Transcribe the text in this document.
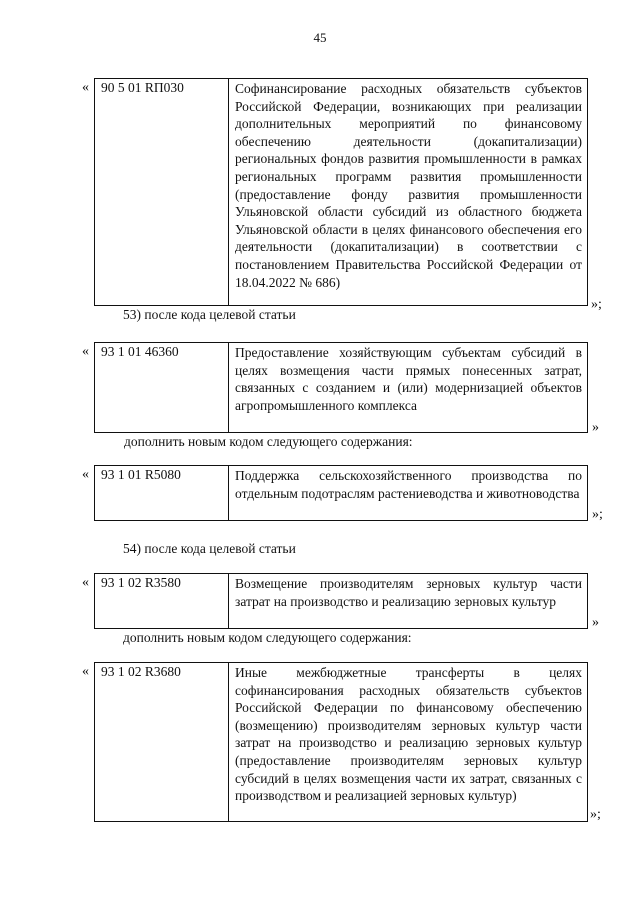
45
« 90 5 01 RП030	Софинансирование расходных обязательств субъектов Российской Федерации, возникающих при реализации дополнительных мероприятий по финансовому обеспечению деятельности (докапитализации) региональных фондов развития промышленности в рамках региональных программ развития промышленности (предоставление фонду развития промышленности Ульяновской области субсидий из областного бюджета Ульяновской области в целях финансового обеспечения его деятельности (докапитализации) в соответствии с постановлением Правительства Российской Федерации от 18.04.2022 № 686)
»;
53) после кода целевой статьи
« 93 1 01 46360	Предоставление хозяйствующим субъектам субсидий в целях возмещения части прямых понесенных затрат, связанных с созданием и (или) модернизацией объектов агропромышленного комплекса
»
дополнить новым кодом следующего содержания:
« 93 1 01 R5080	Поддержка сельскохозяйственного производства по отдельным подотраслям растениеводства и животноводства
»;
54) после кода целевой статьи
« 93 1 02 R3580	Возмещение производителям зерновых культур части затрат на производство и реализацию зерновых культур
»
дополнить новым кодом следующего содержания:
« 93 1 02 R3680	Иные межбюджетные трансферты в целях софинансирования расходных обязательств субъектов Российской Федерации по финансовому обеспечению (возмещению) производителям зерновых культур части затрат на производство и реализацию зерновых культур (предоставление производителям зерновых культур субсидий в целях возмещения части их затрат, связанных с производством и реализацией зерновых культур)
»;
